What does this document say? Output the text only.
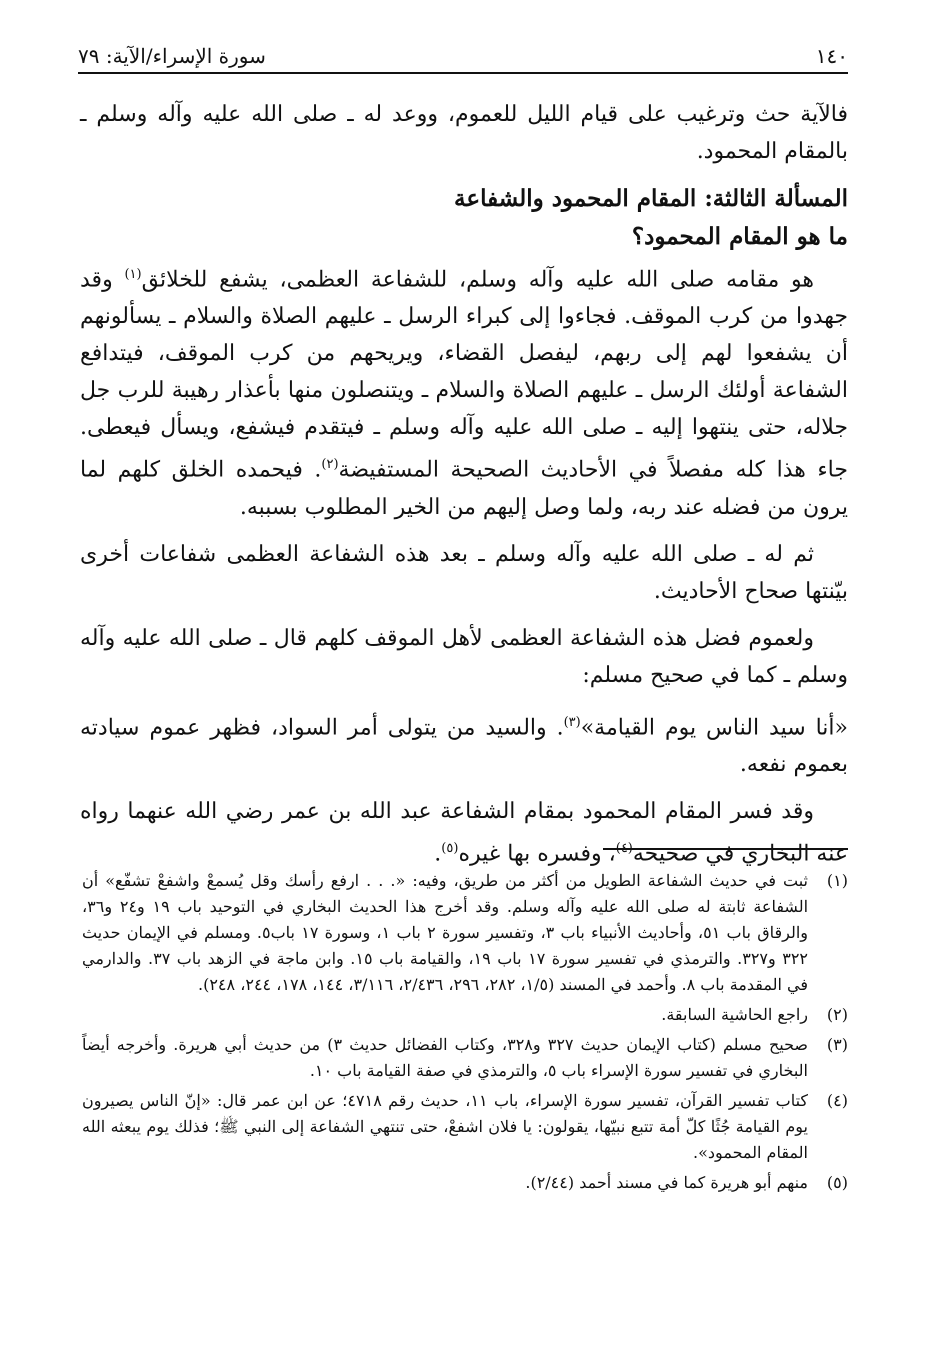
١٤٠
سورة الإسراء/الآية: ٧٩

فالآية حث وترغيب على قيام الليل للعموم، ووعد له ـ صلى الله عليه وآله وسلم ـ بالمقام المحمود.

المسألة الثالثة: المقام المحمود والشفاعة
ما هو المقام المحمود؟

هو مقامه صلى الله عليه وآله وسلم، للشفاعة العظمى، يشفع للخلائق$^{(١)}$ وقد جهدوا من كرب الموقف. فجاءوا إلى كبراء الرسل ـ عليهم الصلاة والسلام ـ يسألونهم أن يشفعوا لهم إلى ربهم، ليفصل القضاء، ويريحهم من كرب الموقف، فيتدافع الشفاعة أولئك الرسل ـ عليهم الصلاة والسلام ـ ويتنصلون منها بأعذار رهيبة للرب جل جلاله، حتى ينتهوا إليه ـ صلى الله عليه وآله وسلم ـ فيتقدم فيشفع، ويسأل فيعطى. جاء هذا كله مفصلاً في الأحاديث الصحيحة المستفيضة$^{(٢)}$. فيحمده الخلق كلهم لما يرون من فضله عند ربه، ولما وصل إليهم من الخير المطلوب بسببه.

ثم له ـ صلى الله عليه وآله وسلم ـ بعد هذه الشفاعة العظمى شفاعات أخرى بيّنتها صحاح الأحاديث.

ولعموم فضل هذه الشفاعة العظمى لأهل الموقف كلهم قال ـ صلى الله عليه وآله وسلم ـ كما في صحيح مسلم:

«أنا سيد الناس يوم القيامة»$^{(٣)}$. والسيد من يتولى أمر السواد، فظهر عموم سيادته بعموم نفعه.

وقد فسر المقام المحمود بمقام الشفاعة عبد الله بن عمر رضي الله عنهما رواه عنه البخاري في صحيحه$^{(٤)}$، وفسره بها غيره$^{(٥)}$.

(١)
ثبت في حديث الشفاعة الطويل من أكثر من طريق، وفيه: «. . . ارفع رأسك وقل يُسمعْ واشفعْ تشفّع» أن الشفاعة ثابتة له صلى الله عليه وآله وسلم. وقد أخرج هذا الحديث البخاري في التوحيد باب ١٩ و٢٤ و٣٦، والرقاق باب ٥١، وأحاديث الأنبياء باب ٣، وتفسير سورة ٢ باب ١، وسورة ١٧ باب٥. ومسلم في الإيمان حديث ٣٢٢ و٣٢٧. والترمذي في تفسير سورة ١٧ باب ١٩، والقيامة باب ١٥. وابن ماجة في الزهد باب ٣٧. والدارمي في المقدمة باب ٨. وأحمد في المسند (١/٥، ٢٨٢، ٢٩٦، ٢/٤٣٦، ٣/١١٦، ١٤٤، ١٧٨، ٢٤٤، ٢٤٨).
(٢)
راجع الحاشية السابقة.
(٣)
صحيح مسلم (كتاب الإيمان حديث ٣٢٧ و٣٢٨، وكتاب الفضائل حديث ٣) من حديث أبي هريرة. وأخرجه أيضاً البخاري في تفسير سورة الإسراء باب ٥، والترمذي في صفة القيامة باب ١٠.
(٤)
كتاب تفسير القرآن، تفسير سورة الإسراء، باب ١١، حديث رقم ٤٧١٨؛ عن ابن عمر قال: «إنّ الناس يصيرون يوم القيامة جُثًا كلّ أمة تتبع نبيّها، يقولون: يا فلان اشفعْ، حتى تنتهي الشفاعة إلى النبي ﷺ؛ فذلك يوم يبعثه الله المقام المحمود».
(٥)
منهم أبو هريرة كما في مسند أحمد (٢/٤٤).
